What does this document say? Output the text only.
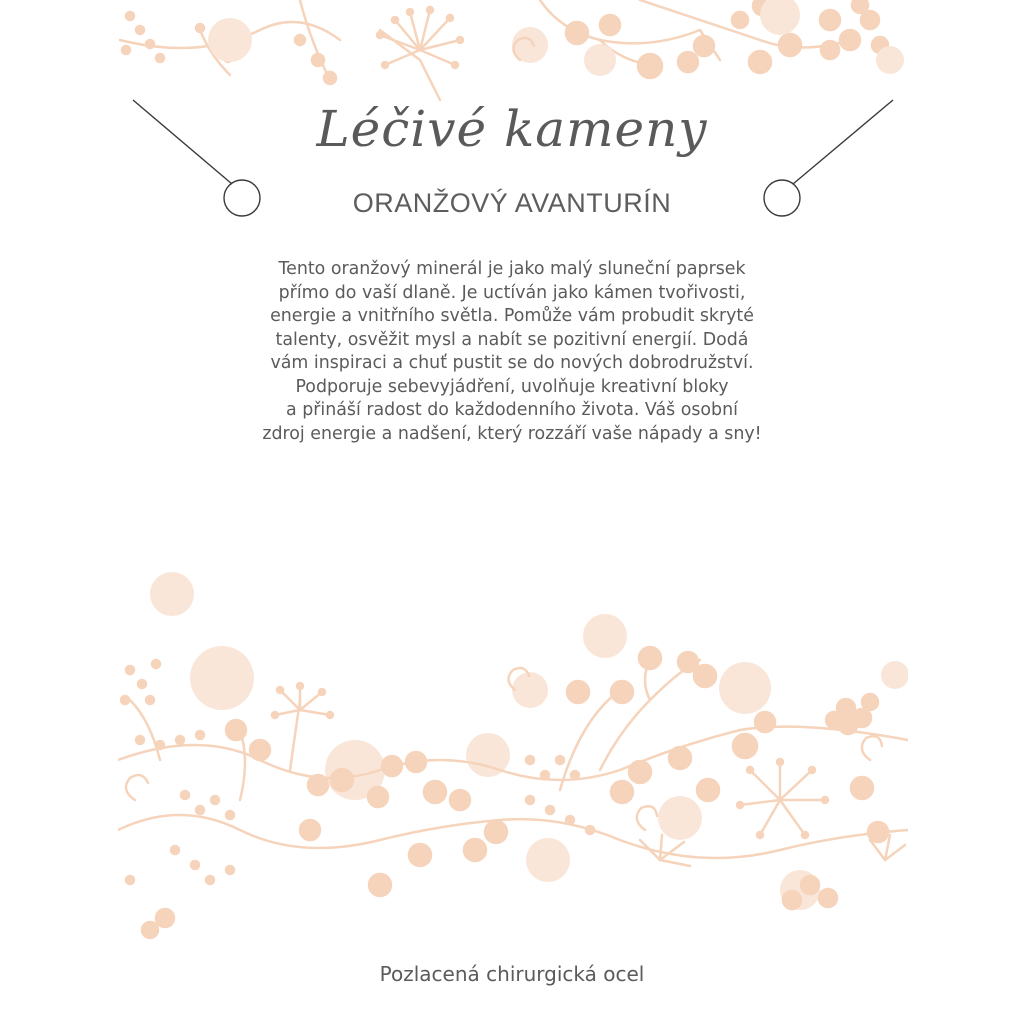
Léčivé kameny
ORANŽOVÝ AVANTURÍN
Tento oranžový minerál je jako malý sluneční paprsek
přímo do vaší dlaně. Je uctíván jako kámen tvořivosti,
energie a vnitřního světla. Pomůže vám probudit skryté
talenty, osvěžit mysl a nabít se pozitivní energií. Dodá
vám inspiraci a chuť pustit se do nových dobrodružství.
Podporuje sebevyjádření, uvolňuje kreativní bloky
a přináší radost do každodenního života. Váš osobní
zdroj energie a nadšení, který rozzáří vaše nápady a sny!
Pozlacená chirurgická ocel
